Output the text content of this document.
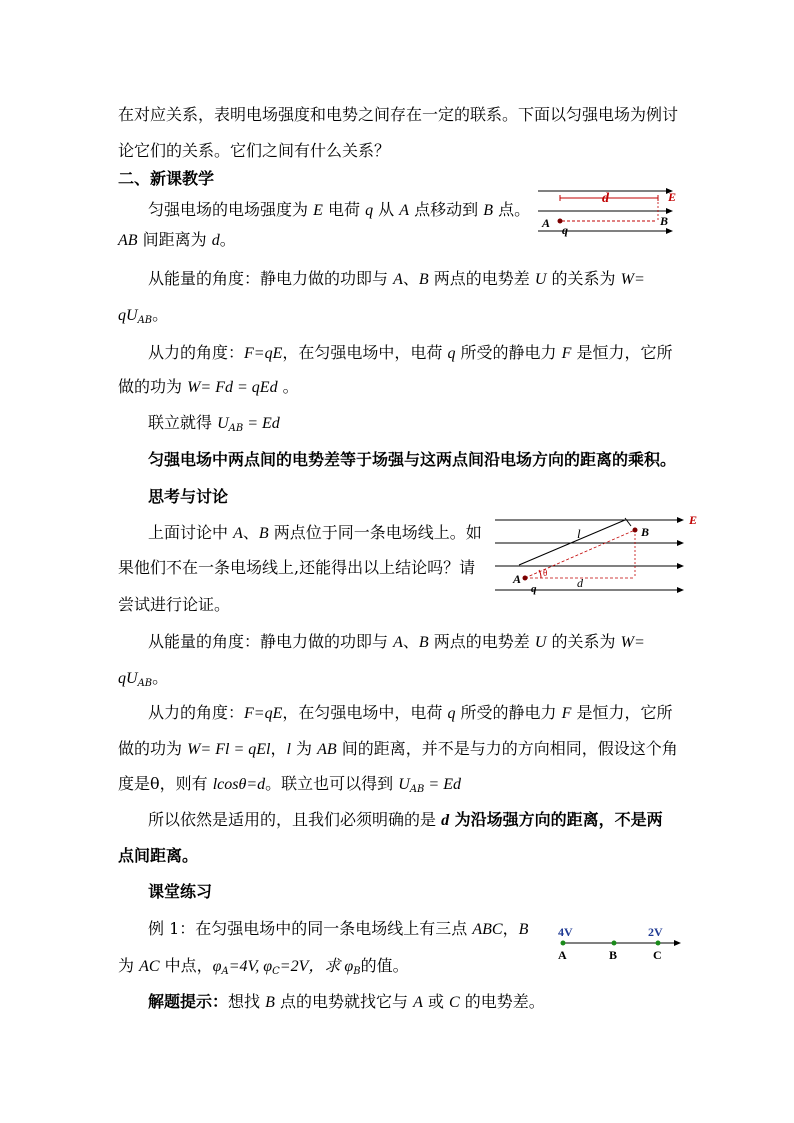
在对应关系，表明电场强度和电势之间存在一定的联系。下面以匀强电场为例讨
论它们的关系。它们之间有什么关系？
二、新课教学
匀强电场的电场强度为 E 电荷 q 从 A 点移动到 B 点。
AB 间距离为 d。
从能量的角度：静电力做的功即与 A、B 两点的电势差 U 的关系为 W=
$qU_{AB}$。
从力的角度：F=qE，在匀强电场中，电荷 q 所受的静电力 F 是恒力，它所
做的功为 W= Fd = qEd 。
联立就得 $U_{AB} = Ed$
匀强电场中两点间的电势差等于场强与这两点间沿电场方向的距离的乘积。
思考与讨论
上面讨论中 A、B 两点位于同一条电场线上。如
果他们不在一条电场线上,还能得出以上结论吗？请
尝试进行论证。
从能量的角度：静电力做的功即与 A、B 两点的电势差 U 的关系为 W=
$qU_{AB}$。
从力的角度：F=qE，在匀强电场中，电荷 q 所受的静电力 F 是恒力，它所
做的功为 W= Fl = qEl，l 为 AB 间的距离，并不是与力的方向相同，假设这个角
度是θ，则有 lcosθ=d。联立也可以得到 $U_{AB} = Ed$
所以依然是适用的，且我们必须明确的是 d 为沿场强方向的距离，不是两
点间距离。
课堂练习
例 1：在匀强电场中的同一条电场线上有三点 ABC，B
为 AC 中点，$\varphi_A=4V$, $\varphi_C=2V$，求 $\varphi_B$的值。
解题提示：想找 B 点的电势就找它与 A 或 C 的电势差。
d	E
A	B
q
E
l	B
A
q	d
θ
4V	2V
A	B	C
